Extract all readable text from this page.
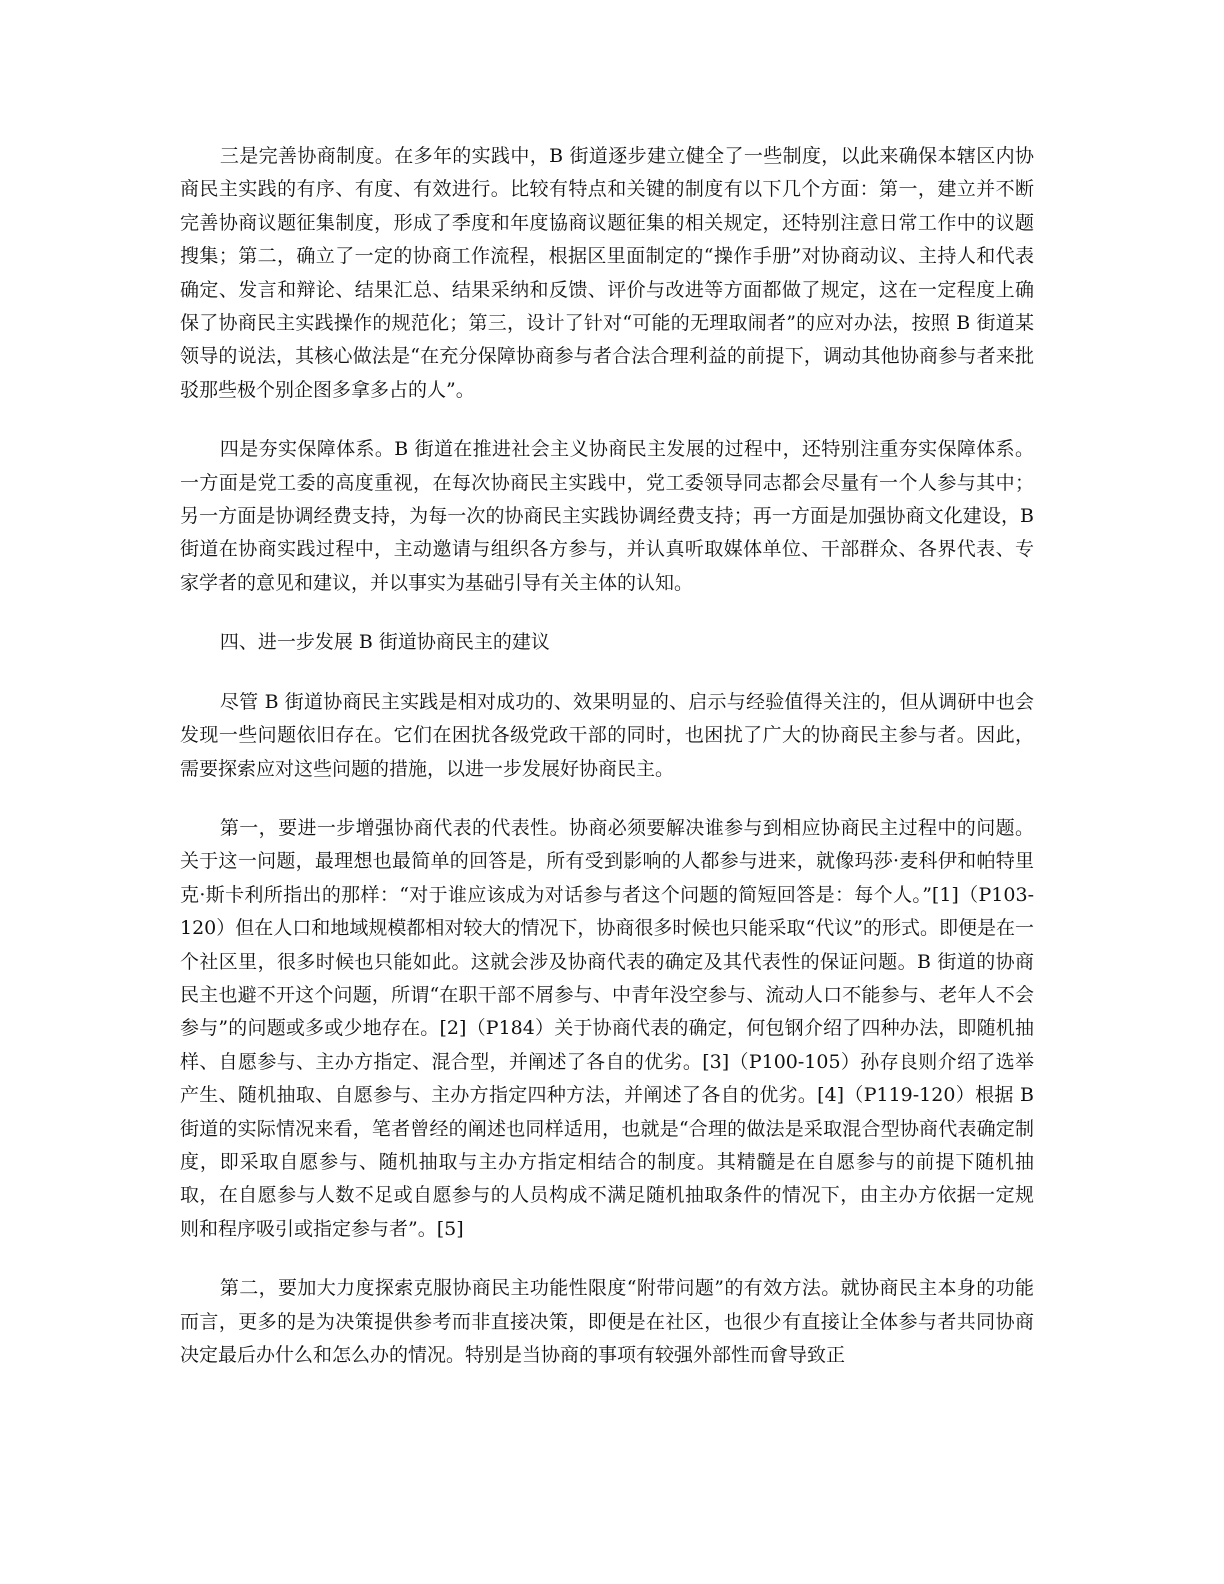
三是完善协商制度。在多年的实践中，B 街道逐步建立健全了一些制度，以此来确保本辖区内协商民主实践的有序、有度、有效进行。比较有特点和关键的制度有以下几个方面：第一，建立并不断完善协商议题征集制度，形成了季度和年度協商议题征集的相关规定，还特别注意日常工作中的议题搜集；第二，确立了一定的协商工作流程，根据区里面制定的“操作手册”对协商动议、主持人和代表确定、发言和辩论、结果汇总、结果采纳和反馈、评价与改进等方面都做了规定，这在一定程度上确保了协商民主实践操作的规范化；第三，设计了针对“可能的无理取闹者”的应对办法，按照 B 街道某领导的说法，其核心做法是“在充分保障协商参与者合法合理利益的前提下，调动其他协商参与者来批驳那些极个别企图多拿多占的人”。

四是夯实保障体系。B 街道在推进社会主义协商民主发展的过程中，还特别注重夯实保障体系。一方面是党工委的高度重视，在每次协商民主实践中，党工委领导同志都会尽量有一个人参与其中；另一方面是协调经费支持，为每一次的协商民主实践协调经费支持；再一方面是加强协商文化建设，B 街道在协商实践过程中，主动邀请与组织各方参与，并认真听取媒体单位、干部群众、各界代表、专家学者的意见和建议，并以事实为基础引导有关主体的认知。

四、进一步发展 B 街道协商民主的建议

尽管 B 街道协商民主实践是相对成功的、效果明显的、启示与经验值得关注的，但从调研中也会发现一些问题依旧存在。它们在困扰各级党政干部的同时，也困扰了广大的协商民主参与者。因此，需要探索应对这些问题的措施，以进一步发展好协商民主。

第一，要进一步增强协商代表的代表性。协商必须要解决谁参与到相应协商民主过程中的问题。关于这一问题，最理想也最简单的回答是，所有受到影响的人都参与进来，就像玛莎·麦科伊和帕特里克·斯卡利所指出的那样：“对于谁应该成为对话参与者这个问题的简短回答是：每个人。”[1]（P103-120）但在人口和地域规模都相对较大的情况下，协商很多时候也只能采取“代议”的形式。即便是在一个社区里，很多时候也只能如此。这就会涉及协商代表的确定及其代表性的保证问题。B 街道的协商民主也避不开这个问题，所谓“在职干部不屑参与、中青年没空参与、流动人口不能参与、老年人不会参与”的问题或多或少地存在。[2]（P184）关于协商代表的确定，何包钢介绍了四种办法，即随机抽样、自愿参与、主办方指定、混合型，并阐述了各自的优劣。[3]（P100-105）孙存良则介绍了选举产生、随机抽取、自愿参与、主办方指定四种方法，并阐述了各自的优劣。[4]（P119-120）根据 B 街道的实际情况来看，笔者曾经的阐述也同样适用，也就是“合理的做法是采取混合型协商代表确定制度，即采取自愿参与、随机抽取与主办方指定相结合的制度。其精髓是在自愿参与的前提下随机抽取，在自愿参与人数不足或自愿参与的人员构成不满足随机抽取条件的情况下，由主办方依据一定规则和程序吸引或指定参与者”。[5]

第二，要加大力度探索克服协商民主功能性限度“附带问题”的有效方法。就协商民主本身的功能而言，更多的是为决策提供参考而非直接决策，即便是在社区，也很少有直接让全体参与者共同协商决定最后办什么和怎么办的情况。特别是当协商的事项有较强外部性而會导致正
